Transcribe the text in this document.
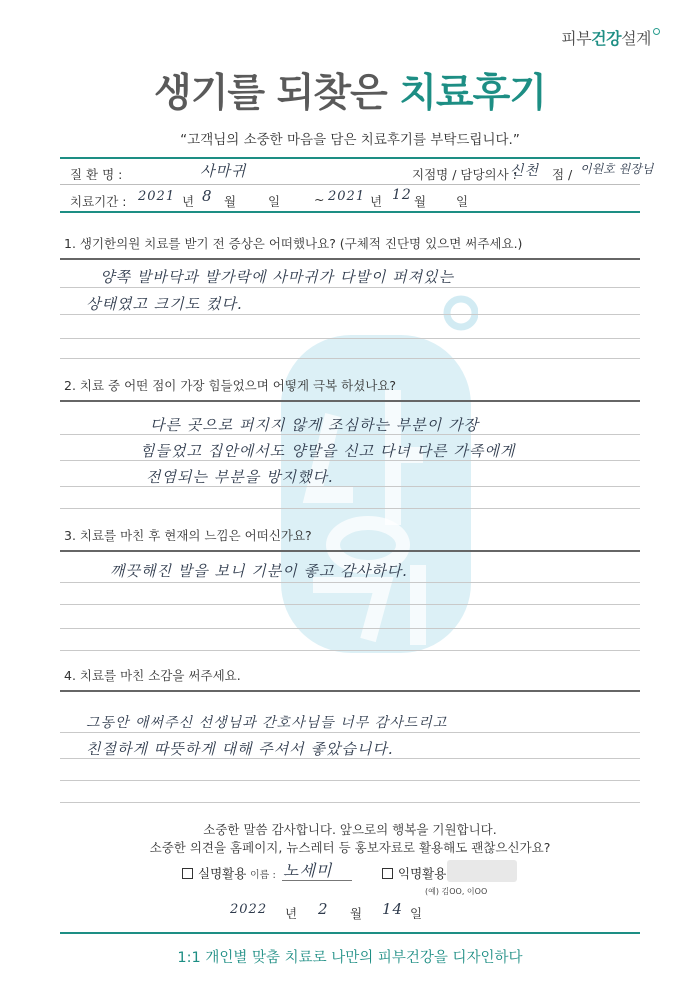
피부건강설계
생기를 되찾은 치료후기
“고객님의 소중한 마음을 담은 치료후기를 부탁드립니다.”
질 환 명 :	사마귀	지점명 / 담당의사 :
신천 점 / 이원호 원장님
치료기간 : 2021 년 8 월	일	~ 2021 년 12 월 일
1. 생기한의원 치료를 받기 전 증상은 어떠했나요? (구체적 진단명 있으면 써주세요.)
양쪽 발바닥과 발가락에 사마귀가 다발이 퍼져있는
상태였고 크기도 컸다.
2. 치료 중 어떤 점이 가장 힘들었으며 어떻게 극복 하셨나요?
다른 곳으로 퍼지지 않게 조심하는 부분이 가장
힘들었고 집안에서도 양말을 신고 다녀 다른 가족에게
전염되는 부분을 방지했다.
3. 치료를 마친 후 현재의 느낌은 어떠신가요?
깨끗해진 발을 보니 기분이 좋고 감사하다.
4. 치료를 마친 소감을 써주세요.
그동안 애써주신 선생님과 간호사님들 너무 감사드리고
친절하게 따뜻하게 대해 주셔서 좋았습니다.
소중한 말씀 감사합니다. 앞으로의 행복을 기원합니다.
소중한 의견을 홈페이지, 뉴스레터 등 홍보자료로 활용해도 괜찮으신가요?
실명활용 이름 : 노세미	익명활용
(예) 김OO, 이OO
2022 년 2 월 14 일
1:1 개인별 맞춤 치료로 나만의 피부건강을 디자인하다
